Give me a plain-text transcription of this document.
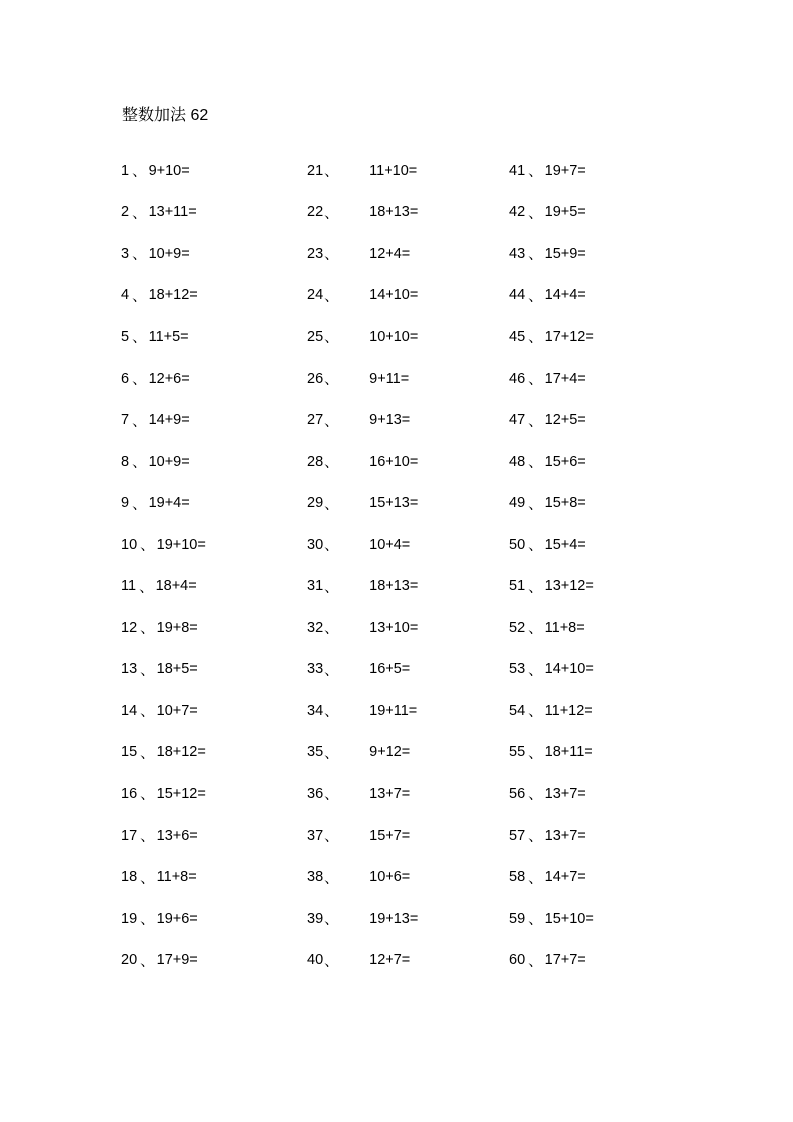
整数加法 62
1 、 9+10=
2 、 13+11=
3 、 10+9=
4 、 18+12=
5 、 11+5=
6 、 12+6=
7 、 14+9=
8 、 10+9=
9 、 19+4=
10 、 19+10=
11 、 18+4=
12 、 19+8=
13 、 18+5=
14 、 10+7=
15 、 18+12=
16 、 15+12=
17 、 13+6=
18 、 11+8=
19 、 19+6=
20 、 17+9=
21 、	11+10=
22 、	18+13=
23 、	12+4=
24 、	14+10=
25 、	10+10=
26 、	9+11=
27 、	9+13=
28 、	16+10=
29 、	15+13=
30 、	10+4=
31 、	18+13=
32 、	13+10=
33 、	16+5=
34 、	19+11=
35 、	9+12=
36 、	13+7=
37 、	15+7=
38 、	10+6=
39 、	19+13=
40 、	12+7=
41 、 19+7=
42 、 19+5=
43 、 15+9=
44 、 14+4=
45 、 17+12=
46 、 17+4=
47 、 12+5=
48 、 15+6=
49 、 15+8=
50 、 15+4=
51 、 13+12=
52 、 11+8=
53 、 14+10=
54 、 11+12=
55 、 18+11=
56 、 13+7=
57 、 13+7=
58 、 14+7=
59 、 15+10=
60 、 17+7=
